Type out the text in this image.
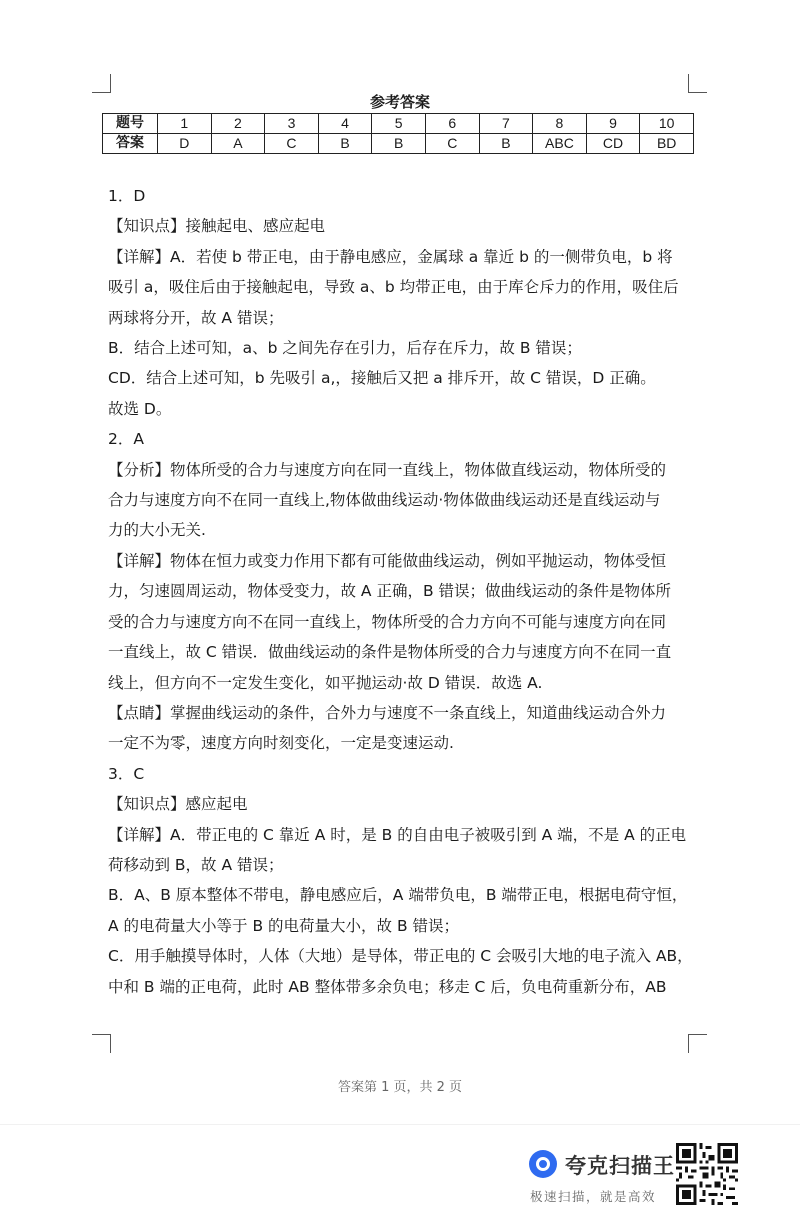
参考答案
题号	1	2	3	4	5	6	7	8	9	10
答案	D	A	C	B	B	C	B	ABC	CD	BD

1．D

【知识点】接触起电、感应起电

【详解】A．若使 b 带正电，由于静电感应，金属球 a 靠近 b 的一侧带负电，b 将

吸引 a，吸住后由于接触起电，导致 a、b 均带正电，由于库仑斥力的作用，吸住后

两球将分开，故 A 错误；

B．结合上述可知，a、b 之间先存在引力，后存在斥力，故 B 错误；

CD．结合上述可知，b 先吸引 a,，接触后又把 a 排斥开，故 C 错误，D 正确。

故选 D。

2．A

【分析】物体所受的合力与速度方向在同一直线上，物体做直线运动，物体所受的

合力与速度方向不在同一直线上,物体做曲线运动·物体做曲线运动还是直线运动与

力的大小无关.

【详解】物体在恒力或变力作用下都有可能做曲线运动，例如平抛运动，物体受恒

力，匀速圆周运动，物体受变力，故 A 正确，B 错误；做曲线运动的条件是物体所

受的合力与速度方向不在同一直线上，物体所受的合力方向不可能与速度方向在同

一直线上，故 C 错误．做曲线运动的条件是物体所受的合力与速度方向不在同一直

线上，但方向不一定发生变化，如平抛运动·故 D 错误．故选 A.

【点睛】掌握曲线运动的条件，合外力与速度不一条直线上，知道曲线运动合外力

一定不为零，速度方向时刻变化，一定是变速运动.

3．C

【知识点】感应起电

【详解】A．带正电的 C 靠近 A 时，是 B 的自由电子被吸引到 A 端，不是 A 的正电

荷移动到 B，故 A 错误；

B．A、B 原本整体不带电，静电感应后，A 端带负电，B 端带正电，根据电荷守恒，

A 的电荷量大小等于 B 的电荷量大小，故 B 错误；

C．用手触摸导体时，人体（大地）是导体，带正电的 C 会吸引大地的电子流入 AB，

中和 B 端的正电荷，此时 AB 整体带多余负电；移走 C 后，负电荷重新分布，AB

答案第 1 页，共 2 页
夸克扫描王
极速扫描，就是高效
